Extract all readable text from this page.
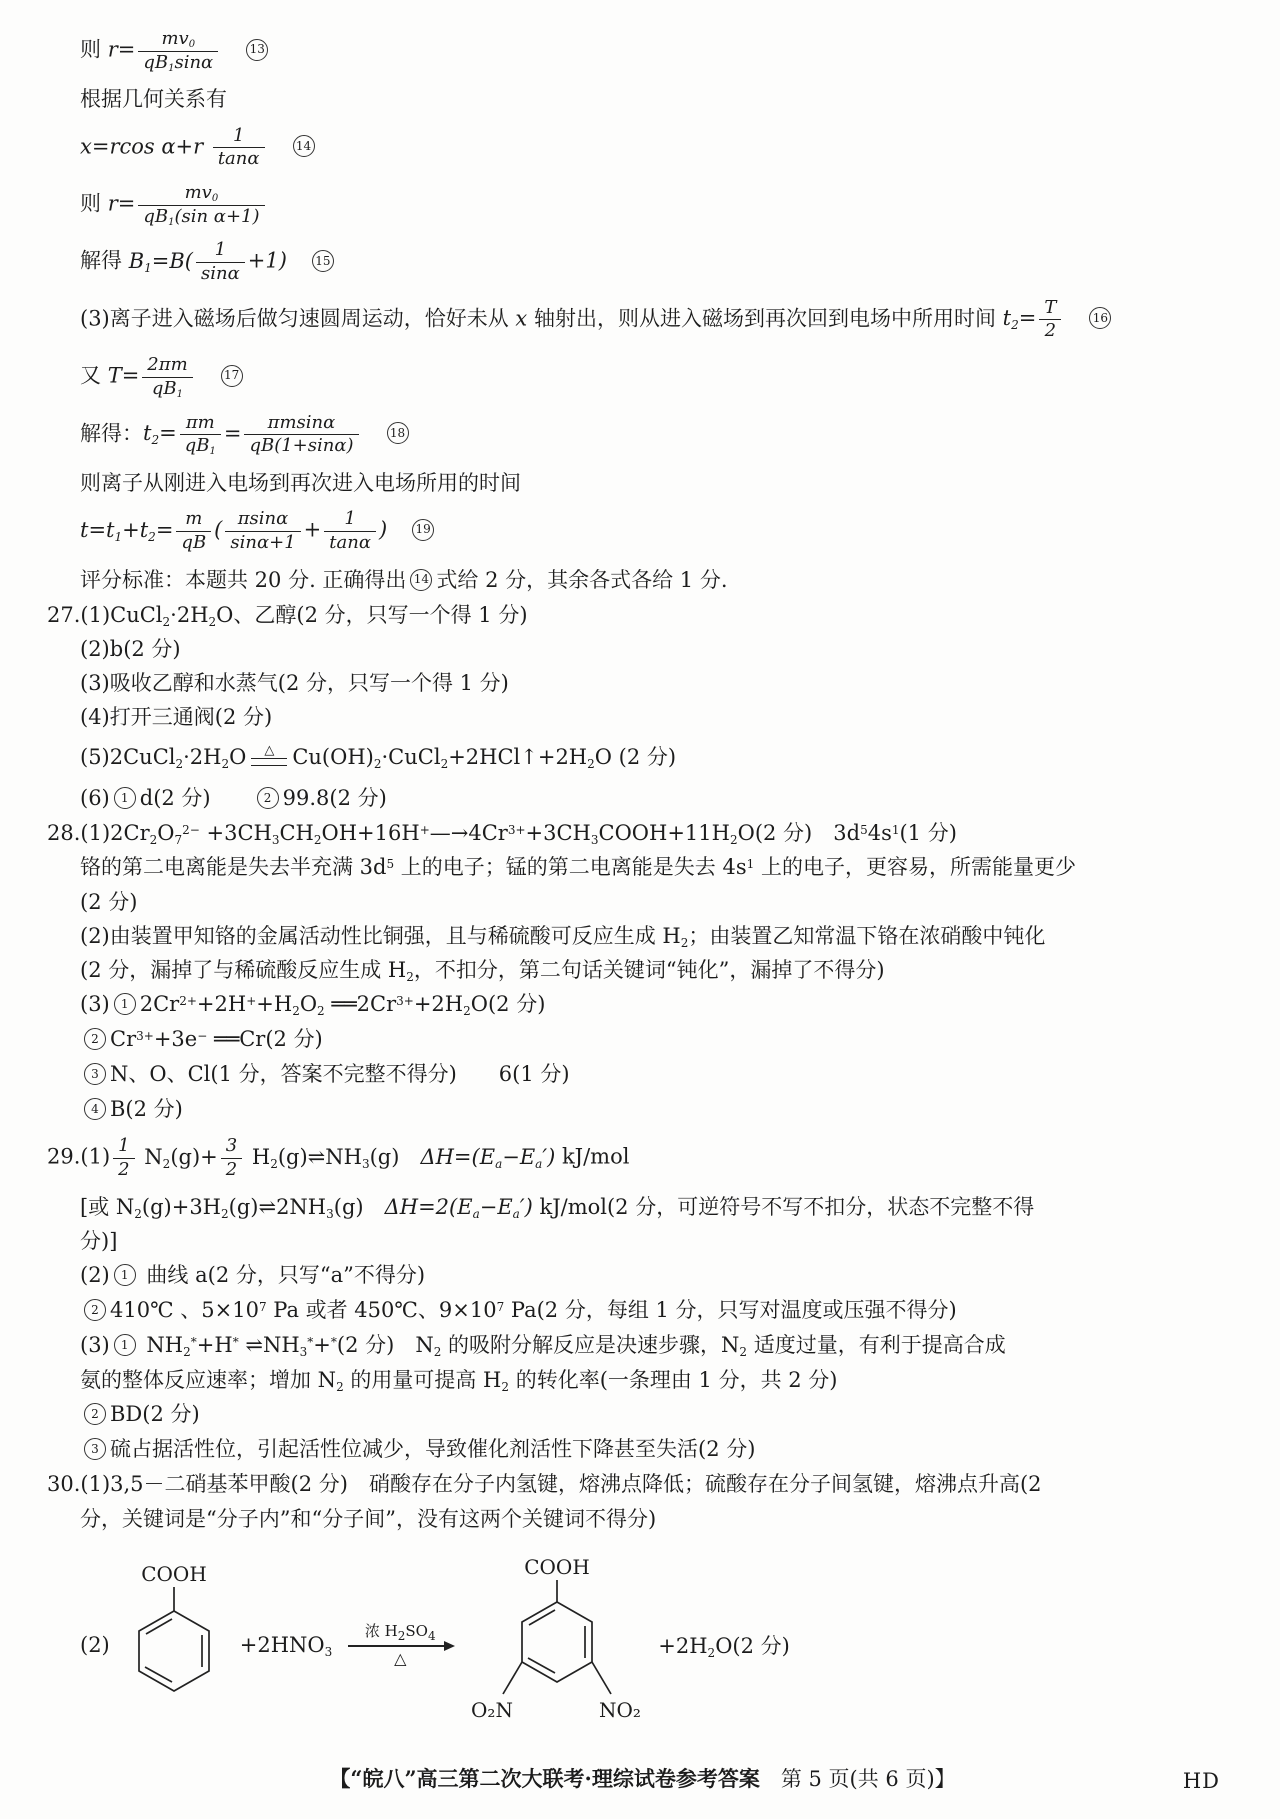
则 $r= \frac{mv_0}{qB_1\sin\alpha}$
　	13
根据几何关系有
x=rcos $\alpha+r \frac{1}{\tan\alpha}$
　	14
则 $r= \frac{mv_0}{qB_1(\sin \alpha+1)}$
解得 $B_1=B( \frac{1}{\sin\alpha} +1)$　 15
(3)离子进入磁场后做匀速圆周运动，恰好未从 x 轴射出，则从进入磁场到再次回到电场中所用时间 $t_2= \frac{T}{2}$
　	16
又 $T= \frac{2\pi m}{qB_1}$
　	17
解得：$t_2= \frac{\pi m}{qB_1} = \frac{\pi msin\alpha}{qB(1+\sin\alpha)}$
　	18
则离子从刚进入电场到再次进入电场所用的时间
$t=t_1+t_2= \frac{m}{qB}$ ( $\frac{\pi\sin\alpha}{\sin\alpha+1} + \frac{1}{\tan\alpha}$ )　 19
评分标准：本题共 20 分. 正确得出 14 式给 2 分，其余各式各给 1 分.
$27.(1)CuCl_2\cdot 2H_2O$、乙醇(2 分，只写一个得 1 分)
(2)b(2 分)
(3)吸收乙醇和水蒸气(2 分，只写一个得 1 分)
(4)打开三通阀(2 分)
$(5)2CuCl_2\cdot 2H_2O$ △ $Cu(OH)_2\cdot CuCl_2+2HCl↑+2H_2O$ (2 分)
(6) 1 d(2 分)　　2 99.8(2 分)
$28.(1)2Cr_2O_7^{2-}$ $+3CH_3CH_2OH+16H^+—\to 4Cr^{3+}+3CH_3COOH+11H_2O(2$ 分)　$3d^54s^1(1$ 分)
铬的第二电离能是失去半充满 $3d^5$ 上的电子；锰的第二电离能是失去 $4s^1$ 上的电子，更容易，所需能量更少
(2 分)
(2)由装置甲知铬的金属活动性比铜强，且与稀硫酸可反应生成 $H_2$；由装置乙知常温下铬在浓硝酸中钝化
(2 分，漏掉了与稀硫酸反应生成 $H_2$，不扣分，第二句话关键词“钝化”，漏掉了不得分)
(3) 1 $2Cr^{2+}+2H^++H_2O_2$ $══2Cr^{3+}+2H_2O(2$ 分)
2 $Cr^{3+}+3e^-$ ══Cr(2 分)
3 N、O、Cl(1 分，答案不完整不得分)　　6(1 分)
4 B(2 分)
$29.(1) \frac{1}{2} N_2(g)+ \frac{3}{2}$ $H_2(g)\rightleftharpoons NH_3(g)$　$\Delta H=(E_a-E_a')$ kJ/mol
[或 $N_2(g)+3H_2(g)\rightleftharpoons 2NH_3(g)$　$\Delta H=2(E_a-E_a')$ kJ/mol(2 分，可逆符号不写不扣分，状态不完整不得
分)]
(2) 1 曲线 a(2 分，只写“a”不得分)
2 410℃ 、$5\times 10^7$ Pa 或者 450℃、$9\times 10^7$ Pa(2 分，每组 1 分，只写对温度或压强不得分)
(3) 1 $NH_2^*+H^*$ $\rightleftharpoons NH_3^*+^*(2$ 分)　$N_2$ 的吸附分解反应是决速步骤，$N_2$ 适度过量，有利于提高合成
氨的整体反应速率；增加 $N_2$ 的用量可提高 $H_2$ 的转化率(一条理由 1 分，共 2 分)
2 BD(2 分)
3 硫占据活性位，引起活性位减少，导致催化剂活性下降甚至失活(2 分)
30.(1)3,5－二硝基苯甲酸(2 分)　硝酸存在分子内氢键，熔沸点降低；硫酸存在分子间氢键，熔沸点升高(2
分，关键词是“分子内”和“分子间”，没有这两个关键词不得分)
(2)
COOH
$+2HNO_3$
浓 $H_2SO_4$
△
COOH
O₂N	NO₂
$+2H_2O(2$ 分)
【“皖八”高三第二次大联考·理综试卷参考答案　第 5 页(共 6 页)】	HD
